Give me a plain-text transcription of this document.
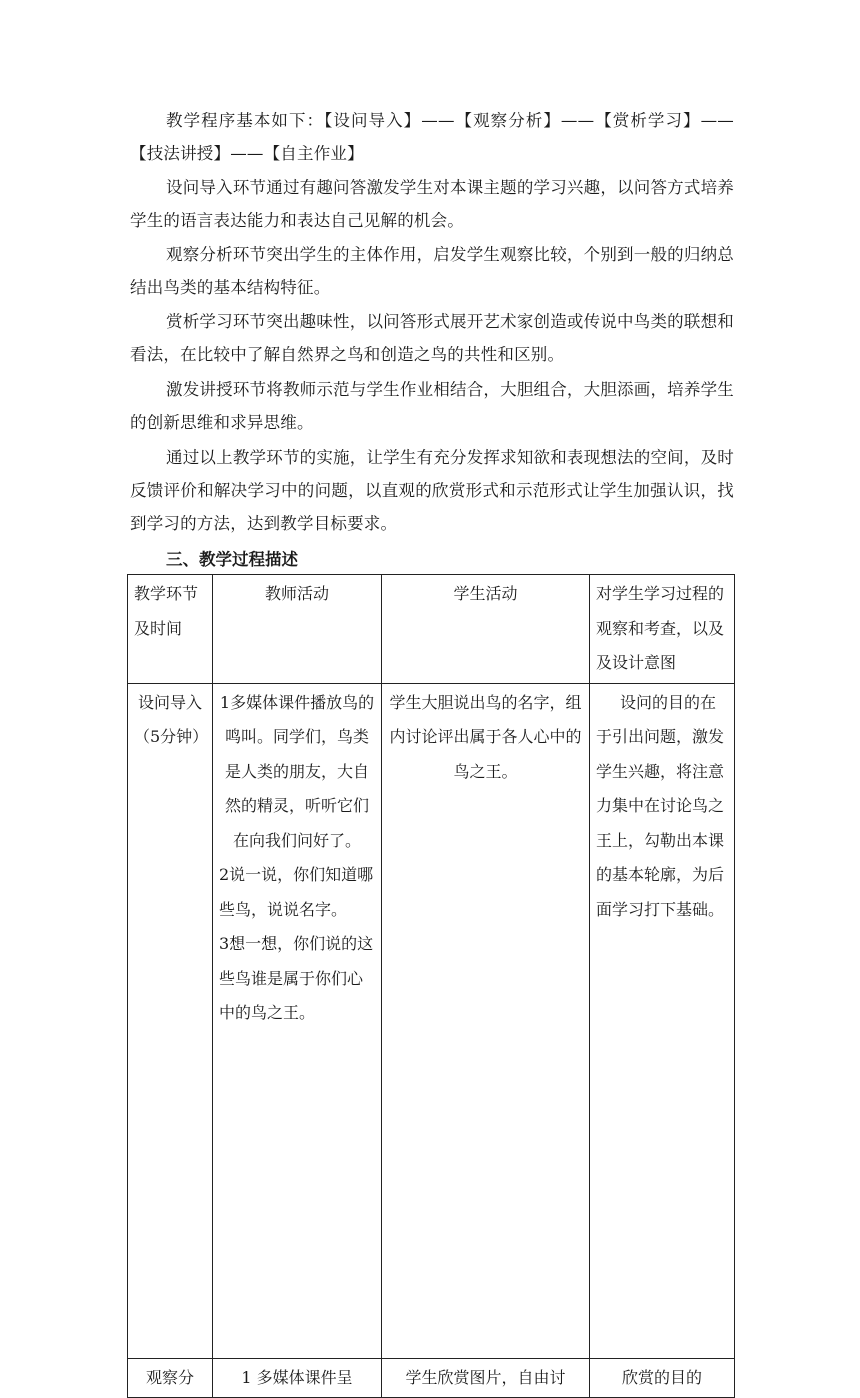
教学程序基本如下：【设问导入】——【观察分析】——【赏析学习】——【技法讲授】——【自主作业】

设问导入环节通过有趣问答激发学生对本课主题的学习兴趣，以问答方式培养学生的语言表达能力和表达自己见解的机会。

观察分析环节突出学生的主体作用，启发学生观察比较，个别到一般的归纳总结出鸟类的基本结构特征。

赏析学习环节突出趣味性，以问答形式展开艺术家创造或传说中鸟类的联想和看法，在比较中了解自然界之鸟和创造之鸟的共性和区别。

激发讲授环节将教师示范与学生作业相结合，大胆组合，大胆添画，培养学生的创新思维和求异思维。

通过以上教学环节的实施，让学生有充分发挥求知欲和表现想法的空间，及时反馈评价和解决学习中的问题，以直观的欣赏形式和示范形式让学生加强认识，找到学习的方法，达到教学目标要求。

三、教学过程描述

教学环节及时间	教师活动	学生活动	对学生学习过程的观察和考查，以及及设计意图

设问导入
（5分钟）	1多媒体课件播放鸟的鸣叫。同学们，鸟类是人类的朋友，大自然的精灵，听听它们在向我们问好了。
2说一说，你们知道哪些鸟，说说名字。
3想一想，你们说的这些鸟谁是属于你们心中的鸟之王。	学生大胆说出鸟的名字，组内讨论评出属于各人心中的鸟之王。	设问的目的在于引出问题，激发学生兴趣，将注意力集中在讨论鸟之王上，勾勒出本课的基本轮廓，为后面学习打下基础。

观察分	1 多媒体课件呈	学生欣赏图片，自由讨	欣赏的目的
